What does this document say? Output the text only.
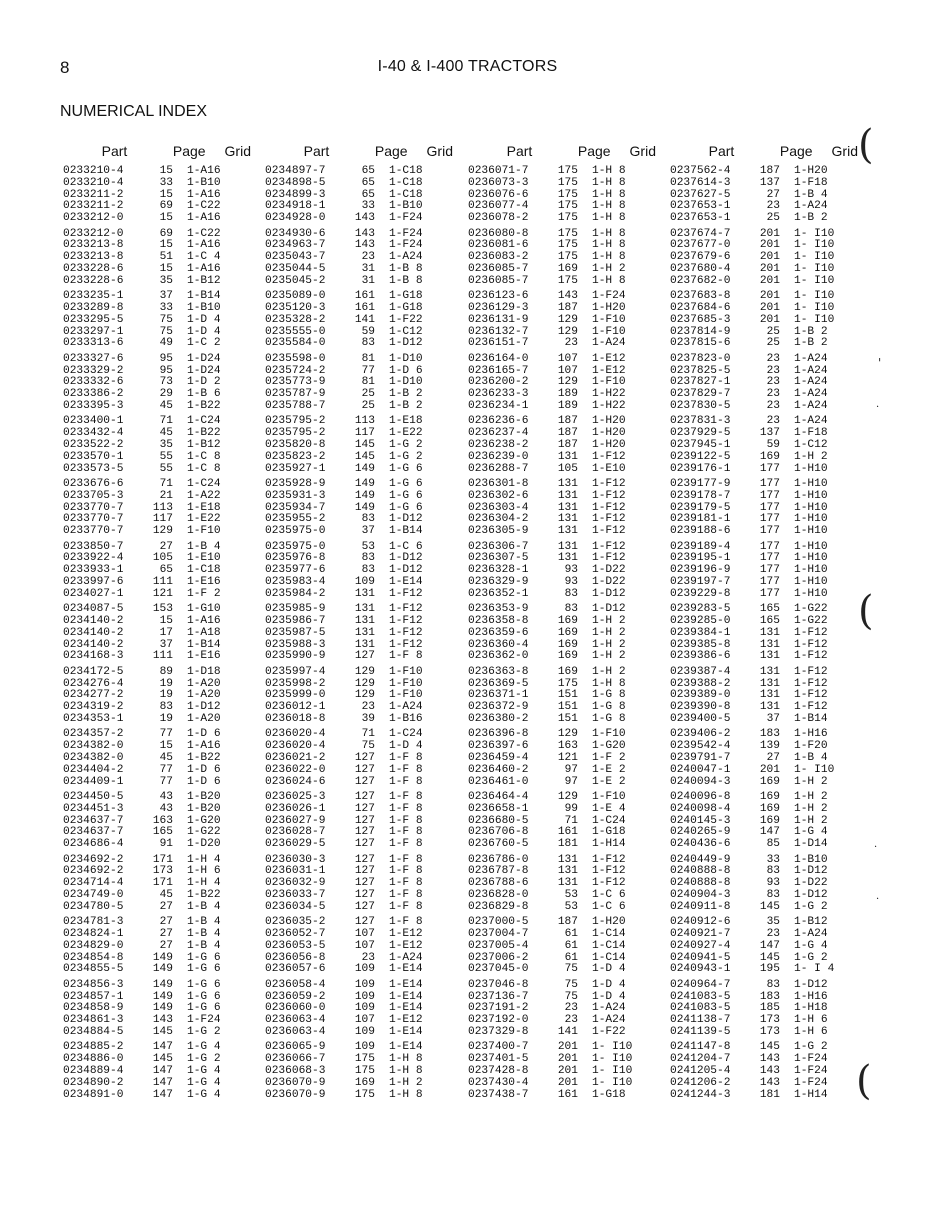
8	I-40 & I-400 TRACTORS
NUMERICAL INDEX
Part	Page	Grid
0233210-4	15	1-A16
0233210-4	33	1-B10
0233211-2	15	1-A16
0233211-2	69	1-C22
0233212-0	15	1-A16
0233212-0	69	1-C22
0233213-8	15	1-A16
0233213-8	51	1-C 4
0233228-6	15	1-A16
0233228-6	35	1-B12
0233235-1	37	1-B14
0233289-8	33	1-B10
0233295-5	75	1-D 4
0233297-1	75	1-D 4
0233313-6	49	1-C 2
0233327-6	95	1-D24
0233329-2	95	1-D24
0233332-6	73	1-D 2
0233386-2	29	1-B 6
0233395-3	45	1-B22
0233400-1	71	1-C24
0233432-4	45	1-B22
0233522-2	35	1-B12
0233570-1	55	1-C 8
0233573-5	55	1-C 8
0233676-6	71	1-C24
0233705-3	21	1-A22
0233770-7	113	1-E18
0233770-7	117	1-E22
0233770-7	129	1-F10
0233850-7	27	1-B 4
0233922-4	105	1-E10
0233933-1	65	1-C18
0233997-6	111	1-E16
0234027-1	121	1-F 2
0234087-5	153	1-G10
0234140-2	15	1-A16
0234140-2	17	1-A18
0234140-2	37	1-B14
0234168-3	111	1-E16
0234172-5	89	1-D18
0234276-4	19	1-A20
0234277-2	19	1-A20
0234319-2	83	1-D12
0234353-1	19	1-A20
0234357-2	77	1-D 6
0234382-0	15	1-A16
0234382-0	45	1-B22
0234404-2	77	1-D 6
0234409-1	77	1-D 6
0234450-5	43	1-B20
0234451-3	43	1-B20
0234637-7	163	1-G20
0234637-7	165	1-G22
0234686-4	91	1-D20
0234692-2	171	1-H 4
0234692-2	173	1-H 6
0234714-4	171	1-H 4
0234749-0	45	1-B22
0234780-5	27	1-B 4
0234781-3	27	1-B 4
0234824-1	27	1-B 4
0234829-0	27	1-B 4
0234854-8	149	1-G 6
0234855-5	149	1-G 6
0234856-3	149	1-G 6
0234857-1	149	1-G 6
0234858-9	149	1-G 6
0234861-3	143	1-F24
0234884-5	145	1-G 2
0234885-2	147	1-G 4
0234886-0	145	1-G 2
0234889-4	147	1-G 4
0234890-2	147	1-G 4
0234891-0	147	1-G 4
Part	Page	Grid
0234897-7	65	1-C18
0234898-5	65	1-C18
0234899-3	65	1-C18
0234918-1	33	1-B10
0234928-0	143	1-F24
0234930-6	143	1-F24
0234963-7	143	1-F24
0235043-7	23	1-A24
0235044-5	31	1-B 8
0235045-2	31	1-B 8
0235089-0	161	1-G18
0235120-3	161	1-G18
0235328-2	141	1-F22
0235555-0	59	1-C12
0235584-0	83	1-D12
0235598-0	81	1-D10
0235724-2	77	1-D 6
0235773-9	81	1-D10
0235787-9	25	1-B 2
0235788-7	25	1-B 2
0235795-2	113	1-E18
0235795-2	117	1-E22
0235820-8	145	1-G 2
0235823-2	145	1-G 2
0235927-1	149	1-G 6
0235928-9	149	1-G 6
0235931-3	149	1-G 6
0235934-7	149	1-G 6
0235955-2	83	1-D12
0235975-0	37	1-B14
0235975-0	53	1-C 6
0235976-8	83	1-D12
0235977-6	83	1-D12
0235983-4	109	1-E14
0235984-2	131	1-F12
0235985-9	131	1-F12
0235986-7	131	1-F12
0235987-5	131	1-F12
0235988-3	131	1-F12
0235990-9	127	1-F 8
0235997-4	129	1-F10
0235998-2	129	1-F10
0235999-0	129	1-F10
0236012-1	23	1-A24
0236018-8	39	1-B16
0236020-4	71	1-C24
0236020-4	75	1-D 4
0236021-2	127	1-F 8
0236022-0	127	1-F 8
0236024-6	127	1-F 8
0236025-3	127	1-F 8
0236026-1	127	1-F 8
0236027-9	127	1-F 8
0236028-7	127	1-F 8
0236029-5	127	1-F 8
0236030-3	127	1-F 8
0236031-1	127	1-F 8
0236032-9	127	1-F 8
0236033-7	127	1-F 8
0236034-5	127	1-F 8
0236035-2	127	1-F 8
0236052-7	107	1-E12
0236053-5	107	1-E12
0236056-8	23	1-A24
0236057-6	109	1-E14
0236058-4	109	1-E14
0236059-2	109	1-E14
0236060-0	109	1-E14
0236063-4	107	1-E12
0236063-4	109	1-E14
0236065-9	109	1-E14
0236066-7	175	1-H 8
0236068-3	175	1-H 8
0236070-9	169	1-H 2
0236070-9	175	1-H 8
Part	Page	Grid
0236071-7	175	1-H 8
0236073-3	175	1-H 8
0236076-6	175	1-H 8
0236077-4	175	1-H 8
0236078-2	175	1-H 8
0236080-8	175	1-H 8
0236081-6	175	1-H 8
0236083-2	175	1-H 8
0236085-7	169	1-H 2
0236085-7	175	1-H 8
0236123-6	143	1-F24
0236129-3	187	1-H20
0236131-9	129	1-F10
0236132-7	129	1-F10
0236151-7	23	1-A24
0236164-0	107	1-E12
0236165-7	107	1-E12
0236200-2	129	1-F10
0236233-3	189	1-H22
0236234-1	189	1-H22
0236236-6	187	1-H20
0236237-4	187	1-H20
0236238-2	187	1-H20
0236239-0	131	1-F12
0236288-7	105	1-E10
0236301-8	131	1-F12
0236302-6	131	1-F12
0236303-4	131	1-F12
0236304-2	131	1-F12
0236305-9	131	1-F12
0236306-7	131	1-F12
0236307-5	131	1-F12
0236328-1	93	1-D22
0236329-9	93	1-D22
0236352-1	83	1-D12
0236353-9	83	1-D12
0236358-8	169	1-H 2
0236359-6	169	1-H 2
0236360-4	169	1-H 2
0236362-0	169	1-H 2
0236363-8	169	1-H 2
0236369-5	175	1-H 8
0236371-1	151	1-G 8
0236372-9	151	1-G 8
0236380-2	151	1-G 8
0236396-8	129	1-F10
0236397-6	163	1-G20
0236459-4	121	1-F 2
0236460-2	97	1-E 2
0236461-0	97	1-E 2
0236464-4	129	1-F10
0236658-1	99	1-E 4
0236680-5	71	1-C24
0236706-8	161	1-G18
0236760-5	181	1-H14
0236786-0	131	1-F12
0236787-8	131	1-F12
0236788-6	131	1-F12
0236828-0	53	1-C 6
0236829-8	53	1-C 6
0237000-5	187	1-H20
0237004-7	61	1-C14
0237005-4	61	1-C14
0237006-2	61	1-C14
0237045-0	75	1-D 4
0237046-8	75	1-D 4
0237136-7	75	1-D 4
0237191-2	23	1-A24
0237192-0	23	1-A24
0237329-8	141	1-F22
0237400-7	201	1- I10
0237401-5	201	1- I10
0237428-8	201	1- I10
0237430-4	201	1- I10
0237438-7	161	1-G18
Part	Page	Grid
0237562-4	187	1-H20
0237614-3	137	1-F18
0237627-5	27	1-B 4
0237653-1	23	1-A24
0237653-1	25	1-B 2
0237674-7	201	1- I10
0237677-0	201	1- I10
0237679-6	201	1- I10
0237680-4	201	1- I10
0237682-0	201	1- I10
0237683-8	201	1- I10
0237684-6	201	1- I10
0237685-3	201	1- I10
0237814-9	25	1-B 2
0237815-6	25	1-B 2
0237823-0	23	1-A24
0237825-5	23	1-A24
0237827-1	23	1-A24
0237829-7	23	1-A24
0237830-5	23	1-A24
0237831-3	23	1-A24
0237929-5	137	1-F18
0237945-1	59	1-C12
0239122-5	169	1-H 2
0239176-1	177	1-H10
0239177-9	177	1-H10
0239178-7	177	1-H10
0239179-5	177	1-H10
0239181-1	177	1-H10
0239188-6	177	1-H10
0239189-4	177	1-H10
0239195-1	177	1-H10
0239196-9	177	1-H10
0239197-7	177	1-H10
0239229-8	177	1-H10
0239283-5	165	1-G22
0239285-0	165	1-G22
0239384-1	131	1-F12
0239385-8	131	1-F12
0239386-6	131	1-F12
0239387-4	131	1-F12
0239388-2	131	1-F12
0239389-0	131	1-F12
0239390-8	131	1-F12
0239400-5	37	1-B14
0239406-2	183	1-H16
0239542-4	139	1-F20
0239791-7	27	1-B 4
0240047-1	201	1- I10
0240094-3	169	1-H 2
0240096-8	169	1-H 2
0240098-4	169	1-H 2
0240145-3	169	1-H 2
0240265-9	147	1-G 4
0240436-6	85	1-D14
0240449-9	33	1-B10
0240888-8	83	1-D12
0240888-8	93	1-D22
0240904-3	83	1-D12
0240911-8	145	1-G 2
0240912-6	35	1-B12
0240921-7	23	1-A24
0240927-4	147	1-G 4
0240941-5	145	1-G 2
0240943-1	195	1- I 4
0240964-7	83	1-D12
0241083-5	183	1-H16
0241083-5	185	1-H18
0241138-7	173	1-H 6
0241139-5	173	1-H 6
0241147-8	145	1-G 2
0241204-7	143	1-F24
0241205-4	143	1-F24
0241206-2	143	1-F24
0241244-3	181	1-H14
(
(
(
'
·
·
·
